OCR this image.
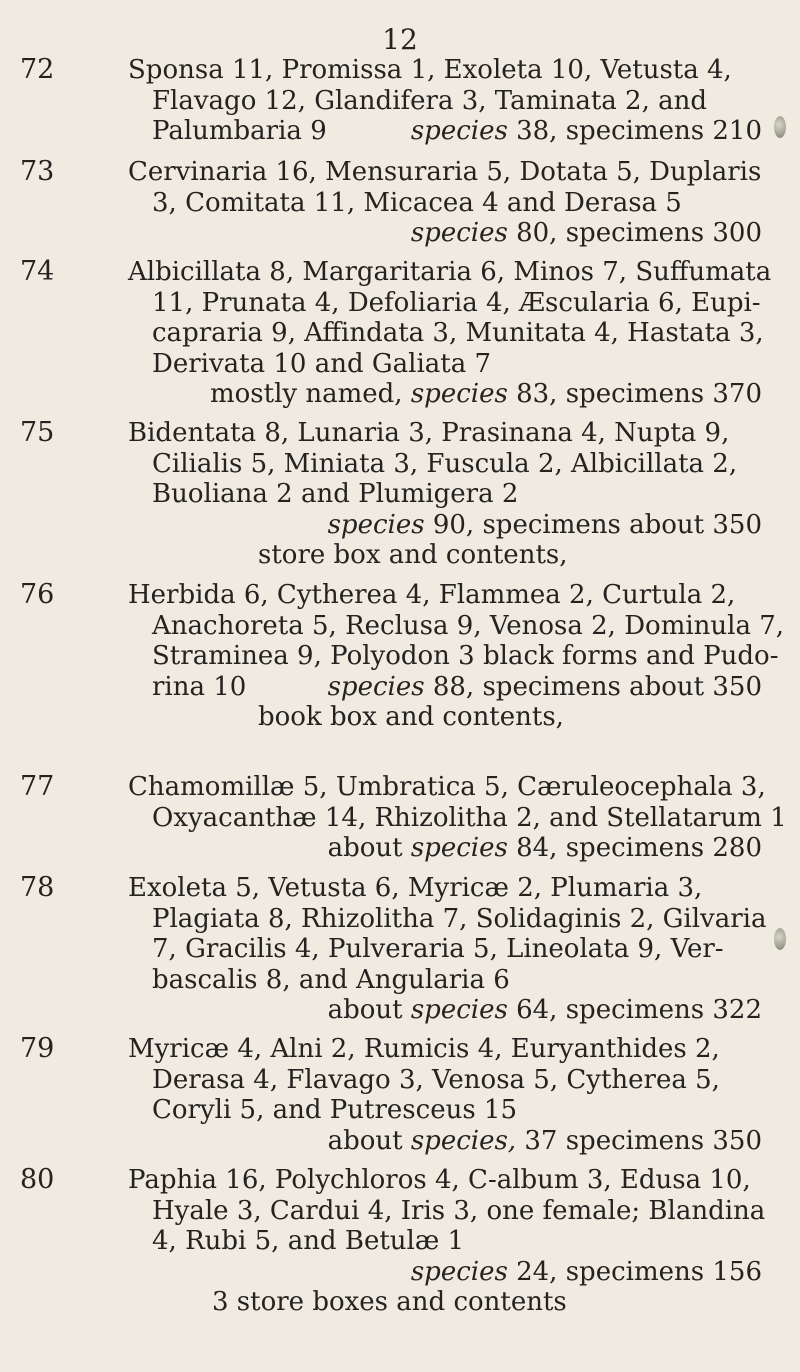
12
72	Sponsa 11, Promissa 1, Exoleta 10, Vetusta 4,
Flavago 12, Glandifera 3, Taminata 2, and
Palumbaria 9	species 38, specimens 210
73	Cervinaria 16, Mensuraria 5, Dotata 5, Duplaris
3, Comitata 11, Micacea 4 and Derasa 5
species 80, specimens 300
74	Albicillata 8, Margaritaria 6, Minos 7, Suffumata
11, Prunata 4, Defoliaria 4, Æscularia 6, Eupi-
capraria 9, Affindata 3, Munitata 4, Hastata 3,
Derivata 10 and Galiata 7
mostly named, species 83, specimens 370
75	Bidentata 8, Lunaria 3, Prasinana 4, Nupta 9,
Cilialis 5, Miniata 3, Fuscula 2, Albicillata 2,
Buoliana 2 and Plumigera 2
species 90, specimens about 350
store box and contents,
76	Herbida 6, Cytherea 4, Flammea 2, Curtula 2,
Anachoreta 5, Reclusa 9, Venosa 2, Dominula 7,
Straminea 9, Polyodon 3 black forms and Pudo-
rina 10	species 88, specimens about 350
book box and contents,
77	Chamomillæ 5, Umbratica 5, Cæruleocephala 3,
Oxyacanthæ 14, Rhizolitha 2, and Stellatarum 1
about species 84, specimens 280
78	Exoleta 5, Vetusta 6, Myricæ 2, Plumaria 3,
Plagiata 8, Rhizolitha 7, Solidaginis 2, Gilvaria
7, Gracilis 4, Pulveraria 5, Lineolata 9, Ver-
bascalis 8, and Angularia 6
about species 64, specimens 322
79	Myricæ 4, Alni 2, Rumicis 4, Euryanthides 2,
Derasa 4, Flavago 3, Venosa 5, Cytherea 5,
Coryli 5, and Putresceus 15
about species, 37 specimens 350
80	Paphia 16, Polychloros 4, C-album 3, Edusa 10,
Hyale 3, Cardui 4, Iris 3, one female; Blandina
4, Rubi 5, and Betulæ 1
species 24, specimens 156
3 store boxes and contents
